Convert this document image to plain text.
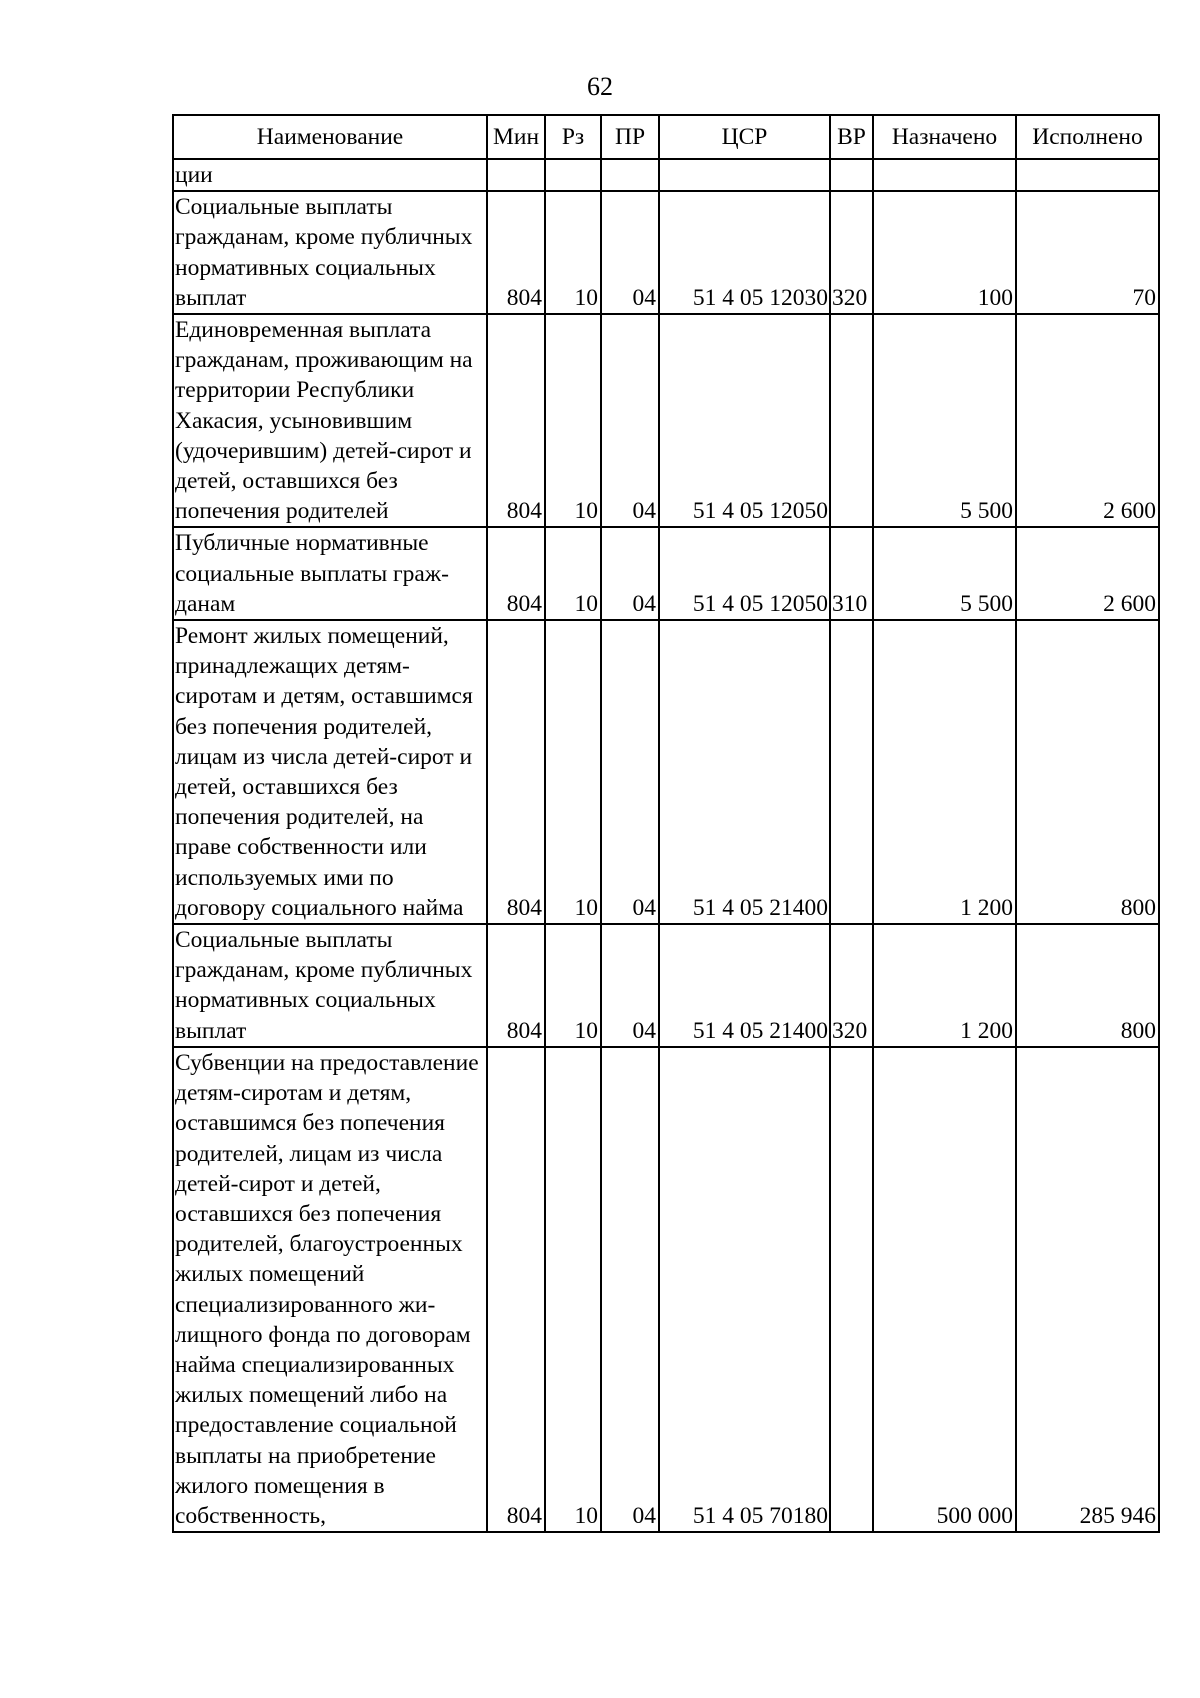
62
Наименование	Мин	Рз	ПР	ЦСР	ВР	Назначено	Исполнено
ции							
Социальные выплаты гражданам, кроме публичных нормативных социальных выплат	804	10	04	51 4 05 12030	320	100	70
Единовременная выплата гражданам, проживающим на территории Республики Хакасия, усыновившим (удочерившим) детей-сирот и детей, оставшихся без попечения родителей	804	10	04	51 4 05 12050		5 500	2 600
Публичные нормативные социальные выплаты гражданам	804	10	04	51 4 05 12050	310	5 500	2 600
Ремонт жилых помещений, принадлежащих детям-сиротам и детям, оставшимся без попечения родителей, лицам из числа детей-сирот и детей, оставшихся без попечения родителей, на праве собственности или используемых ими по договору социального найма	804	10	04	51 4 05 21400		1 200	800
Социальные выплаты гражданам, кроме публичных нормативных социальных выплат	804	10	04	51 4 05 21400	320	1 200	800
Субвенции на предоставление детям-сиротам и детям, оставшимся без попечения родителей, лицам из числа детей-сирот и детей, оставшихся без попечения родителей, благоустроенных жилых помещений специализированного жилищного фонда по договорам найма специализированных жилых помещений либо на предоставление социальной выплаты на приобретение жилого помещения в собственность,	804	10	04	51 4 05 70180		500 000	285 946
